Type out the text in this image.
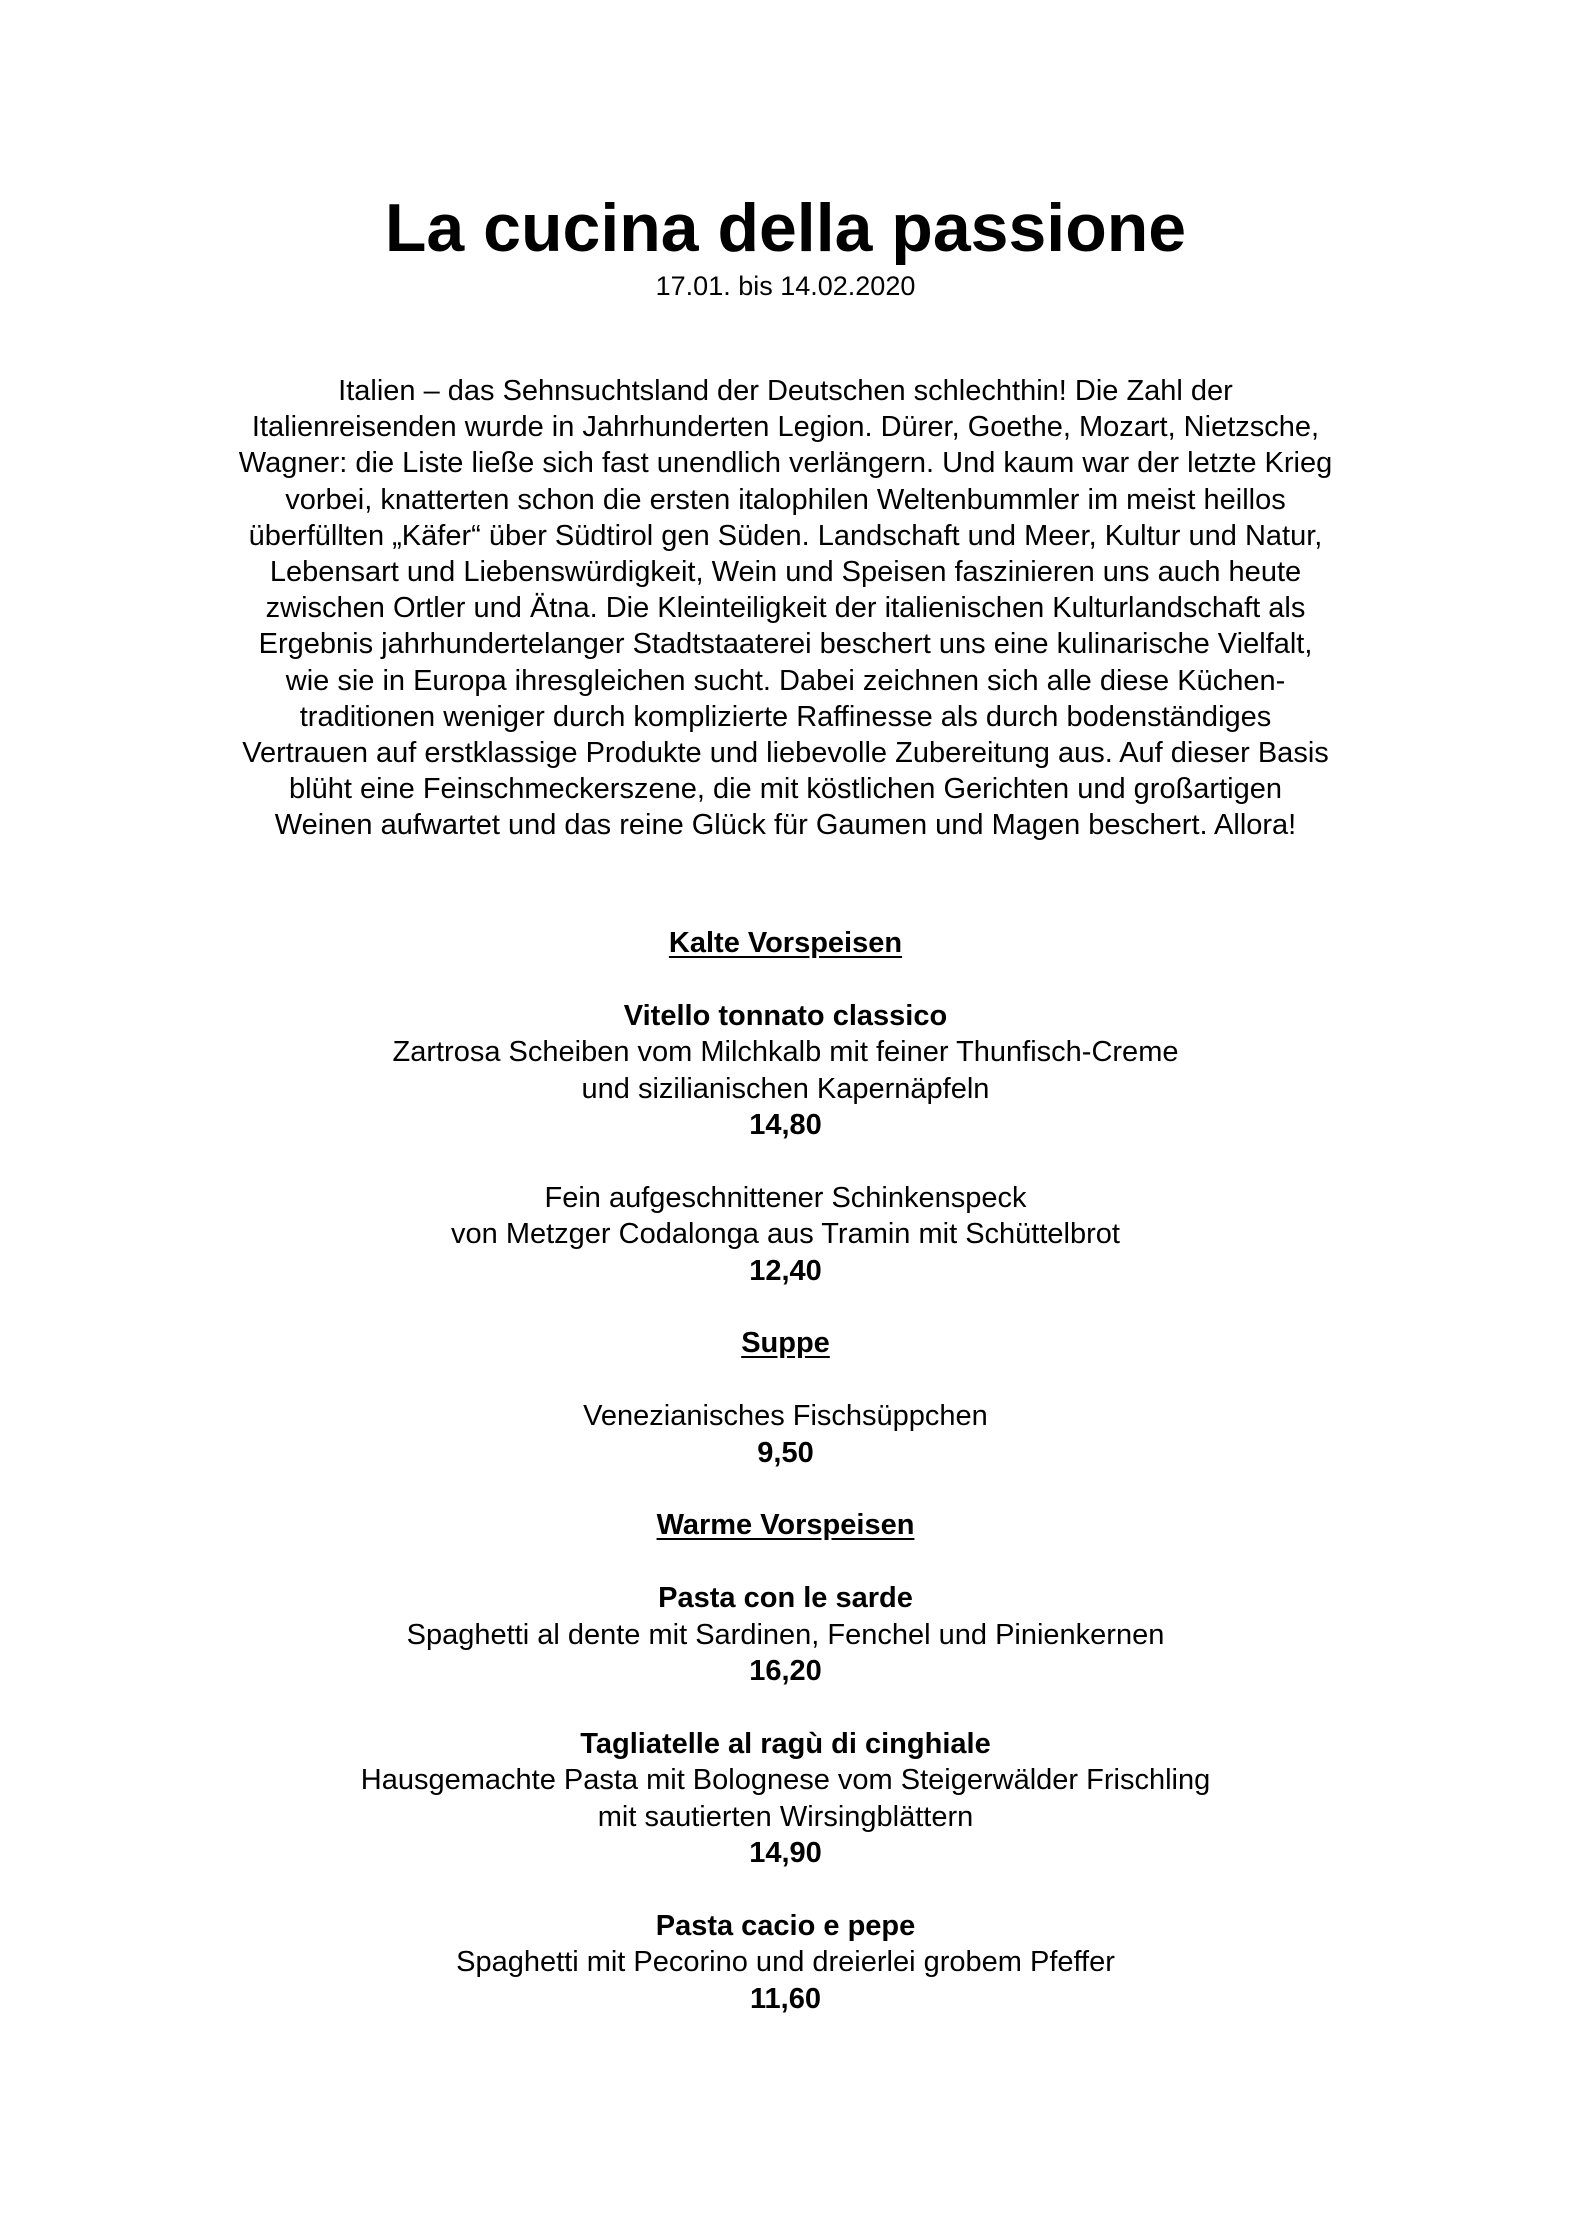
La cucina della passione
17.01. bis 14.02.2020
Italien – das Sehnsuchtsland der Deutschen schlechthin! Die Zahl der
Italienreisenden wurde in Jahrhunderten Legion. Dürer, Goethe, Mozart, Nietzsche,
Wagner: die Liste ließe sich fast unendlich verlängern. Und kaum war der letzte Krieg
vorbei, knatterten schon die ersten italophilen Weltenbummler im meist heillos
überfüllten „Käfer“ über Südtirol gen Süden. Landschaft und Meer, Kultur und Natur,
Lebensart und Liebenswürdigkeit, Wein und Speisen faszinieren uns auch heute
zwischen Ortler und Ätna. Die Kleinteiligkeit der italienischen Kulturlandschaft als
Ergebnis jahrhundertelanger Stadtstaaterei beschert uns eine kulinarische Vielfalt,
wie sie in Europa ihresgleichen sucht. Dabei zeichnen sich alle diese Küchen-
traditionen weniger durch komplizierte Raffinesse als durch bodenständiges
Vertrauen auf erstklassige Produkte und liebevolle Zubereitung aus. Auf dieser Basis
blüht eine Feinschmeckerszene, die mit köstlichen Gerichten und großartigen
Weinen aufwartet und das reine Glück für Gaumen und Magen beschert. Allora!
Kalte Vorspeisen
Vitello tonnato classico
Zartrosa Scheiben vom Milchkalb mit feiner Thunfisch-Creme
und sizilianischen Kapernäpfeln
14,80
Fein aufgeschnittener Schinkenspeck
von Metzger Codalonga aus Tramin mit Schüttelbrot
12,40
Suppe
Venezianisches Fischsüppchen
9,50
Warme Vorspeisen
Pasta con le sarde
Spaghetti al dente mit Sardinen, Fenchel und Pinienkernen
16,20
Tagliatelle al ragù di cinghiale
Hausgemachte Pasta mit Bolognese vom Steigerwälder Frischling
mit sautierten Wirsingblättern
14,90
Pasta cacio e pepe
Spaghetti mit Pecorino und dreierlei grobem Pfeffer
11,60
